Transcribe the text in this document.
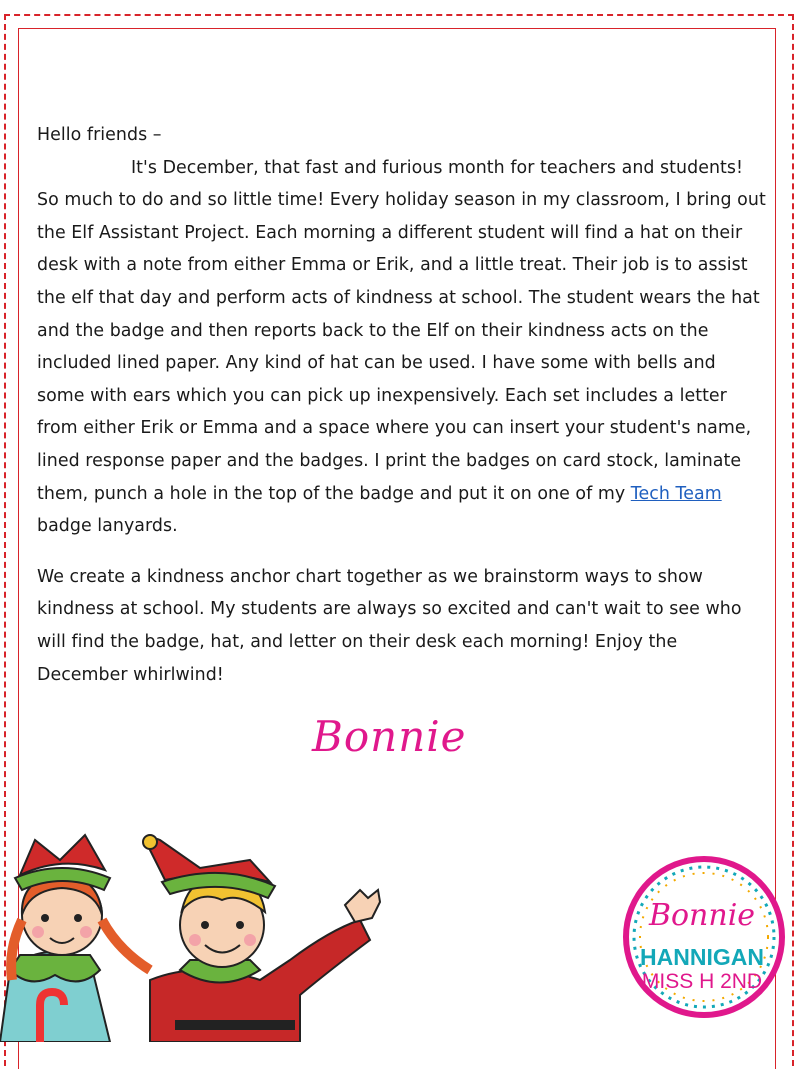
Hello friends –

It's December, that fast and furious month for teachers and students! So much to do and so little time! Every holiday season in my classroom, I bring out the Elf Assistant Project. Each morning a different student will find a hat on their desk with a note from either Emma or Erik, and a little treat. Their job is to assist the elf that day and perform acts of kindness at school. The student wears the hat and the badge and then reports back to the Elf on their kindness acts on the included lined paper. Any kind of hat can be used. I have some with bells and some with ears which you can pick up inexpensively. Each set includes a letter from either Erik or Emma and a space where you can insert your student's name, lined response paper and the badges. I print the badges on card stock, laminate them, punch a hole in the top of the badge and put it on one of my Tech Team badge lanyards.

We create a kindness anchor chart together as we brainstorm ways to show kindness at school. My students are always so excited and can't wait to see who will find the badge, hat, and letter on their desk each morning! Enjoy the December whirlwind!

Bonnie
Bonnie
HANNIGAN
MISS H 2ND
